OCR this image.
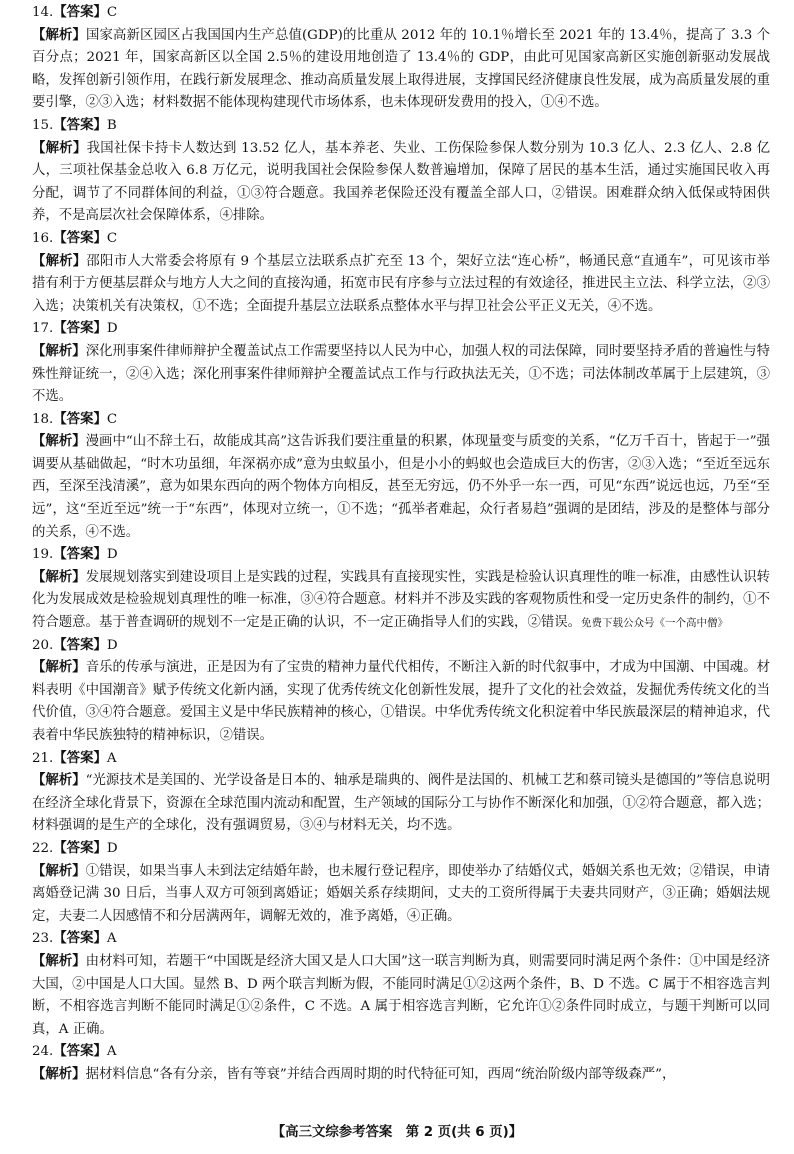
14.【答案】C

【解析】国家高新区园区占我国国内生产总值(GDP)的比重从 2012 年的 10.1％增长至 2021 年的 13.4％，提高了 3.3 个百分点；2021 年，国家高新区以全国 2.5％的建设用地创造了 13.4％的 GDP，由此可见国家高新区实施创新驱动发展战略，发挥创新引领作用，在践行新发展理念、推动高质量发展上取得进展，支撑国民经济健康良性发展，成为高质量发展的重要引擎，②③入选；材料数据不能体现构建现代市场体系，也未体现研发费用的投入，①④不选。

15.【答案】B

【解析】我国社保卡持卡人数达到 13.52 亿人，基本养老、失业、工伤保险参保人数分别为 10.3 亿人、2.3 亿人、2.8 亿人，三项社保基金总收入 6.8 万亿元，说明我国社会保险参保人数普遍增加，保障了居民的基本生活，通过实施国民收入再分配，调节了不同群体间的利益，①③符合题意。我国养老保险还没有覆盖全部人口，②错误。困难群众纳入低保或特困供养，不是高层次社会保障体系，④排除。

16.【答案】C

【解析】邵阳市人大常委会将原有 9 个基层立法联系点扩充至 13 个，架好立法“连心桥”，畅通民意“直通车”，可见该市举措有利于方便基层群众与地方人大之间的直接沟通，拓宽市民有序参与立法过程的有效途径，推进民主立法、科学立法，②③入选；决策机关有决策权，①不选；全面提升基层立法联系点整体水平与捍卫社会公平正义无关，④不选。

17.【答案】D

【解析】深化刑事案件律师辩护全覆盖试点工作需要坚持以人民为中心，加强人权的司法保障，同时要坚持矛盾的普遍性与特殊性辩证统一，②④入选；深化刑事案件律师辩护全覆盖试点工作与行政执法无关，①不选；司法体制改革属于上层建筑，③不选。

18.【答案】C

【解析】漫画中“山不辞土石，故能成其高”这告诉我们要注重量的积累，体现量变与质变的关系，“亿万千百十，皆起于一”强调要从基础做起，“时木功虽细，年深祸亦成”意为虫蚁虽小，但是小小的蚂蚁也会造成巨大的伤害，②③入选；“至近至远东西，至深至浅清溪”，意为如果东西向的两个物体方向相反，甚至无穷远，仍不外乎一东一西，可见“东西”说远也远，乃至“至远”，这“至近至远”统一于“东西”，体现对立统一，①不选；“孤举者难起，众行者易趋”强调的是团结，涉及的是整体与部分的关系，④不选。

19.【答案】D

【解析】发展规划落实到建设项目上是实践的过程，实践具有直接现实性，实践是检验认识真理性的唯一标准，由感性认识转化为发展成效是检验规划真理性的唯一标准，③④符合题意。材料并不涉及实践的客观物质性和受一定历史条件的制约，①不符合题意。基于普查调研的规划不一定是正确的认识，不一定正确指导人们的实践，②错误。免费下载公众号《一个高中僧》

20.【答案】D

【解析】音乐的传承与演进，正是因为有了宝贵的精神力量代代相传，不断注入新的时代叙事中，才成为中国潮、中国魂。材料表明《中国潮音》赋予传统文化新内涵，实现了优秀传统文化创新性发展，提升了文化的社会效益，发掘优秀传统文化的当代价值，③④符合题意。爱国主义是中华民族精神的核心，①错误。中华优秀传统文化积淀着中华民族最深层的精神追求，代表着中华民族独特的精神标识，②错误。

21.【答案】A

【解析】“光源技术是美国的、光学设备是日本的、轴承是瑞典的、阀件是法国的、机械工艺和蔡司镜头是德国的”等信息说明在经济全球化背景下，资源在全球范围内流动和配置，生产领域的国际分工与协作不断深化和加强，①②符合题意，都入选；材料强调的是生产的全球化，没有强调贸易，③④与材料无关，均不选。

22.【答案】D

【解析】①错误，如果当事人未到法定结婚年龄，也未履行登记程序，即使举办了结婚仪式，婚姻关系也无效；②错误，申请离婚登记满 30 日后，当事人双方可领到离婚证；婚姻关系存续期间，丈夫的工资所得属于夫妻共同财产，③正确；婚姻法规定，夫妻二人因感情不和分居满两年，调解无效的，准予离婚，④正确。

23.【答案】A

【解析】由材料可知，若题干“中国既是经济大国又是人口大国”这一联言判断为真，则需要同时满足两个条件：①中国是经济大国，②中国是人口大国。显然 B、D 两个联言判断为假，不能同时满足①②这两个条件，B、D 不选。C 属于不相容选言判断，不相容选言判断不能同时满足①②条件，C 不选。A 属于相容选言判断，它允许①②条件同时成立，与题干判断可以同真，A 正确。

24.【答案】A

【解析】据材料信息“各有分亲，皆有等衰”并结合西周时期的时代特征可知，西周“统治阶级内部等级森严”，

【高三文综参考答案　第 2 页(共 6 页)】
